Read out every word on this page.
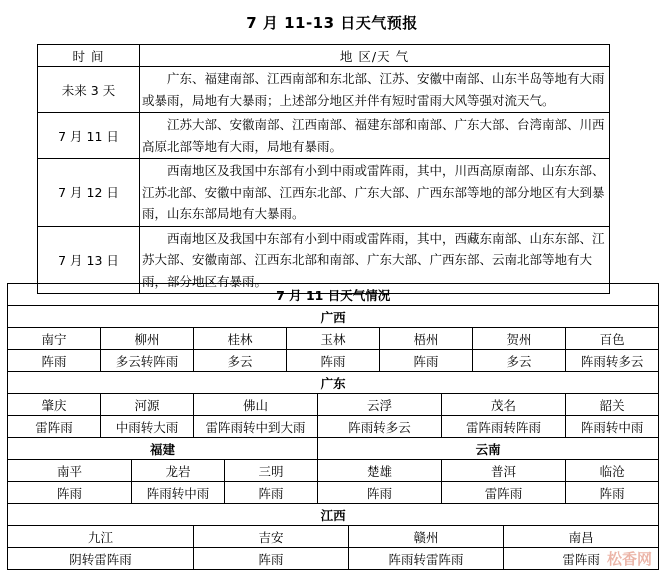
7 月 11-13 日天气预报
时 间	地 区/天 气
未来 3 天	广东、福建南部、江西南部和东北部、江苏、安徽中南部、山东半岛等地有大雨或暴雨，局地有大暴雨；上述部分地区并伴有短时雷雨大风等强对流天气。

7 月 11 日	江苏大部、安徽南部、江西南部、福建东部和南部、广东大部、台湾南部、川西高原北部等地有大雨，局地有暴雨。

7 月 12 日	西南地区及我国中东部有小到中雨或雷阵雨，其中，川西高原南部、山东东部、江苏北部、安徽中南部、江西东北部、广东大部、广西东部等地的部分地区有大到暴雨，山东东部局地有大暴雨。

7 月 13 日	西南地区及我国中东部有小到中雨或雷阵雨，其中，西藏东南部、山东东部、江苏大部、安徽南部、江西东北部和南部、广东大部、广西东部、云南北部等地有大雨，部分地区有暴雨。
7 月 11 日天气情况												
广西												
南宁	柳州		桂林		玉林			梧州		贺州		百色
阵雨	多云转阵雨		多云		阵雨			阵雨		多云		阵雨转多云
广东												
肇庆	河源		佛山			云浮			茂名			韶关
雷阵雨	中雨转大雨		雷阵雨转中到大雨			阵雨转多云			雷阵雨转阵雨			阵雨转中雨
福建						云南						
南平		龙岩		三明		楚雄			普洱			临沧
阵雨		阵雨转中雨		阵雨		阵雨			雷阵雨			阵雨
江西												
九江			吉安				赣州				南昌	
阴转雷阵雨			阵雨				阵雨转雷阵雨				雷阵雨	松香网
